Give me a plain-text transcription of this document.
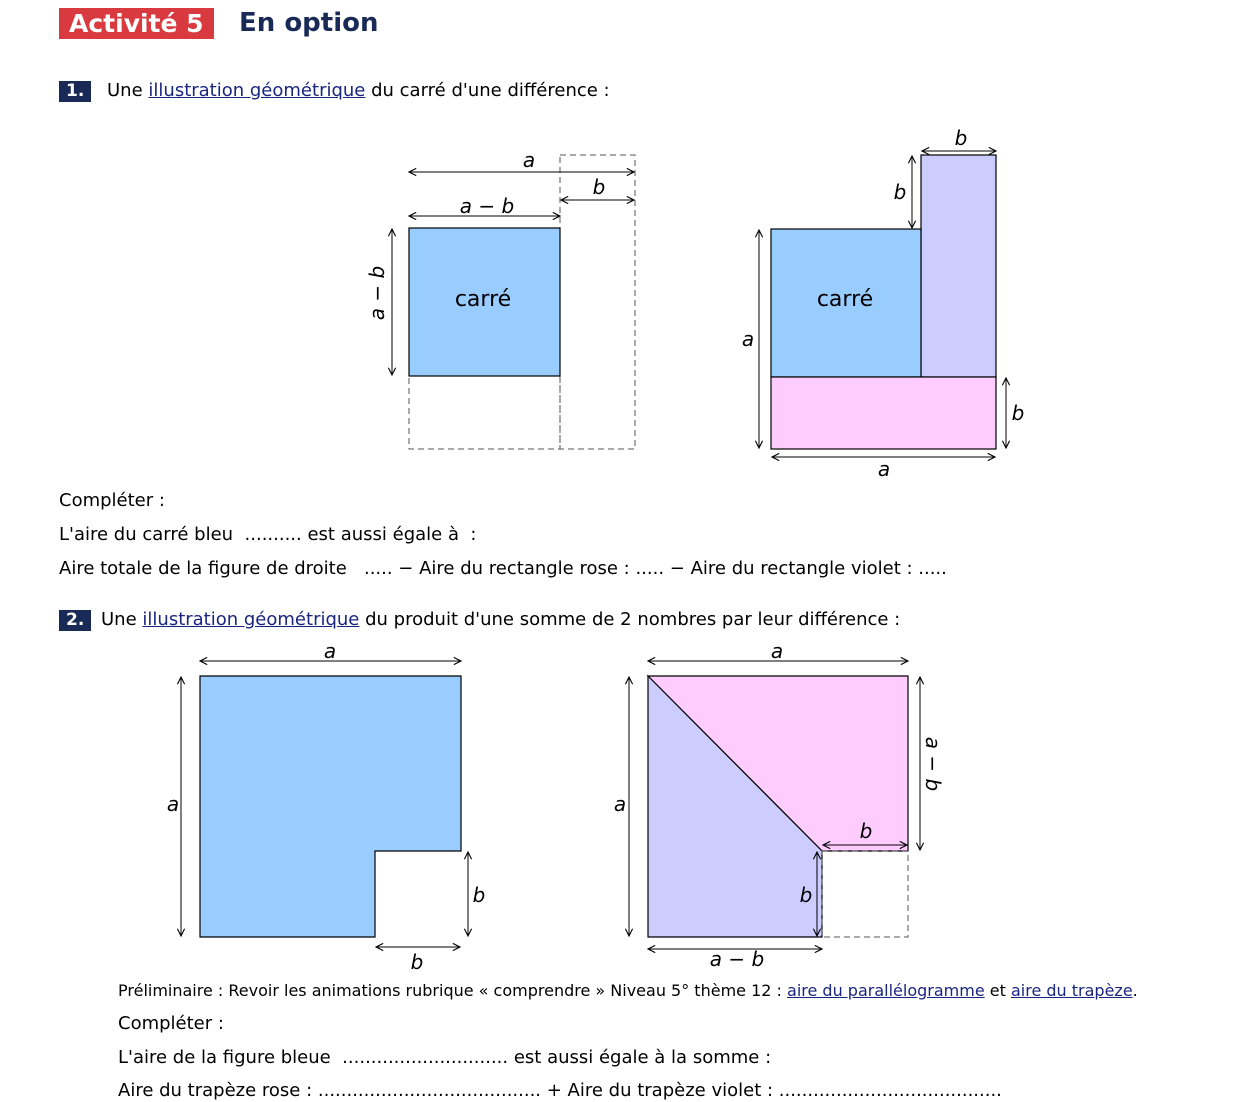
Activité 5	En option
1.	Une illustration géométrique du carré d'une différence :
carré
a
b
a − b
a − b	carré
b
b
a
b
a
a
a
b
b
a
a
a − b
b
b
a − b
Compléter :
L'aire du carré bleu  .......... est aussi égale à  :
Aire totale de la figure de droite   ..... − Aire du rectangle rose : ..... − Aire du rectangle violet : .....
2. Une illustration géométrique du produit d'une somme de 2 nombres par leur différence :
Préliminaire : Revoir les animations rubrique « comprendre » Niveau 5° thème 12 : aire du parallélogramme et aire du trapèze.
Compléter :
L'aire de la figure bleue  ............................. est aussi égale à la somme :
Aire du trapèze rose : ....................................... + Aire du trapèze violet : .......................................
